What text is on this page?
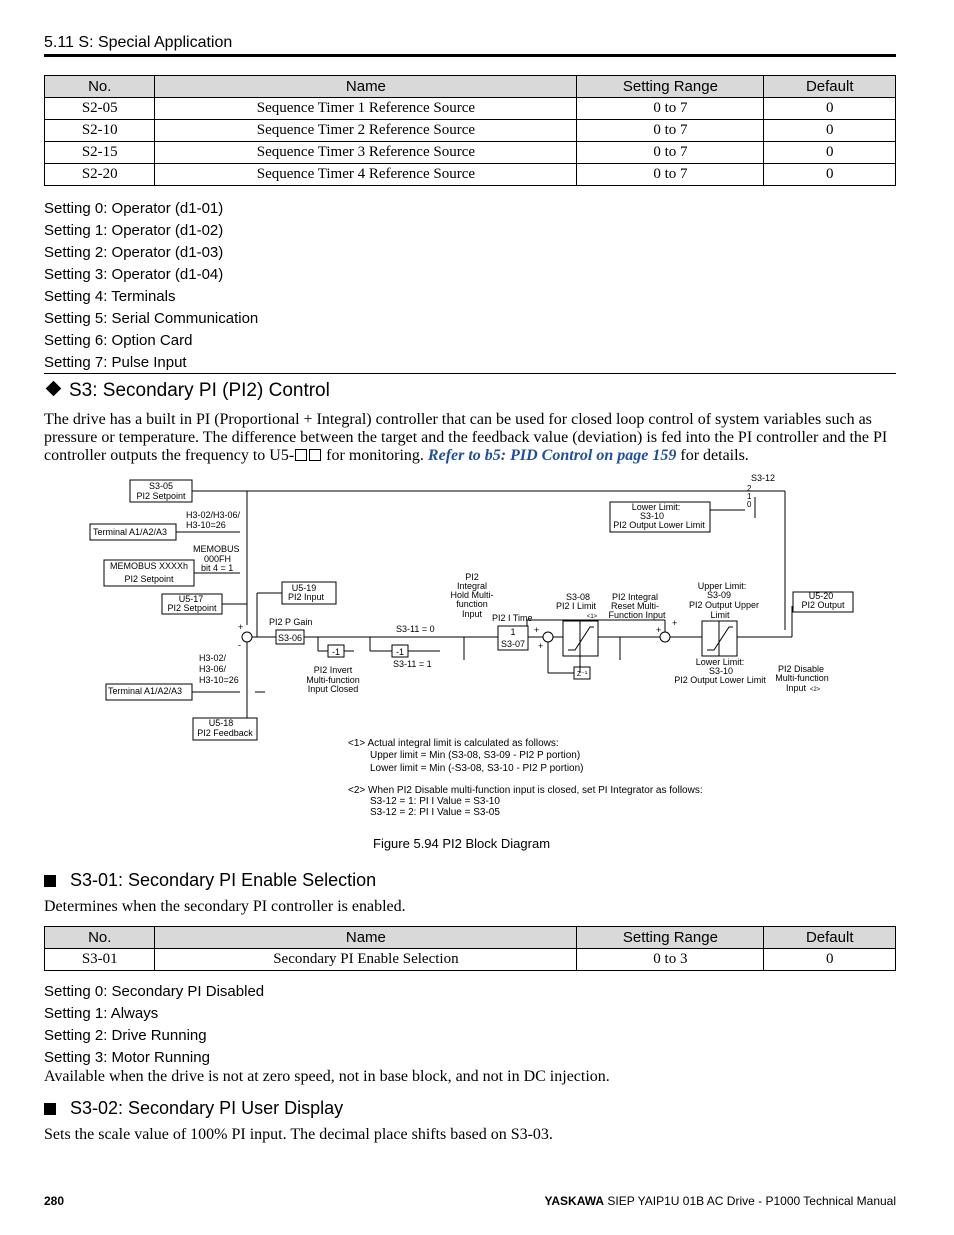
5.11 S: Special Application
No.	Name	Setting Range	Default
S2-05	Sequence Timer 1 Reference Source	0 to 7	0
S2-10	Sequence Timer 2 Reference Source	0 to 7	0
S2-15	Sequence Timer 3 Reference Source	0 to 7	0
S2-20	Sequence Timer 4 Reference Source	0 to 7	0
Setting 0: Operator (d1-01)
Setting 1: Operator (d1-02)
Setting 2: Operator (d1-03)
Setting 3: Operator (d1-04)
Setting 4: Terminals
Setting 5: Serial Communication
Setting 6: Option Card
Setting 7: Pulse Input
S3: Secondary PI (PI2) Control
The drive has a built in PI (Proportional + Integral) controller that can be used for closed loop control of system variables such as pressure or temperature. The difference between the target and the feedback value (deviation) is fed into the PI controller and the PI controller outputs the frequency to U5- for monitoring. Refer to b5: PID Control on page 159 for details.
S3-05
PI2 Setpoint
H3-02/H3-06/
H3-10=26
Terminal A1/A2/A3
MEMOBUS
000FH
bit 4 = 1
MEMOBUS XXXXh
PI2 Setpoint
U5-17
PI2 Setpoint
U5-19
PI2 Input
PI2 P Gain
S3-06
-1	-1
PI2 Invert
Multi-function
Input Closed
S3-11 = 0
S3-11 = 1
PI2
Integral
Hold Multi-
function
Input PI2 I Time
1
S3-07
S3-08
PI2 I Limit
<1>
PI2 Integral
Reset Multi-
Function Input
Z⁻¹
Upper Limit:
S3-09
PI2 Output Upper
Limit
Lower Limit:
S3-10
PI2 Output Lower Limit
Lower Limit:
S3-10
PI2 Output Lower Limit
S3-12
2
1
0
U5-20
PI2 Output
PI2 Disable
Multi-function
Input <2>
H3-02/
H3-06/
H3-10=26
Terminal A1/A2/A3
U5-18
PI2 Feedback
+
-
+
+
+
+
<1> Actual integral limit is calculated as follows:
Upper limit = Min (S3-08, S3-09 - PI2 P portion)
Lower limit = Min (-S3-08, S3-10 - PI2 P portion)
<2> When PI2 Disable multi-function input is closed, set PI Integrator as follows:
S3-12 = 1: PI I Value = S3-10
S3-12 = 2: PI I Value = S3-05
Figure 5.94 PI2 Block Diagram
S3-01: Secondary PI Enable Selection
Determines when the secondary PI controller is enabled.
No.	Name	Setting Range	Default
S3-01	Secondary PI Enable Selection	0 to 3	0
Setting 0: Secondary PI Disabled
Setting 1: Always
Setting 2: Drive Running
Setting 3: Motor Running
Available when the drive is not at zero speed, not in base block, and not in DC injection.
S3-02: Secondary PI User Display
Sets the scale value of 100% PI input. The decimal place shifts based on S3-03.
280	YASKAWA SIEP YAIP1U 01B AC Drive - P1000 Technical Manual
